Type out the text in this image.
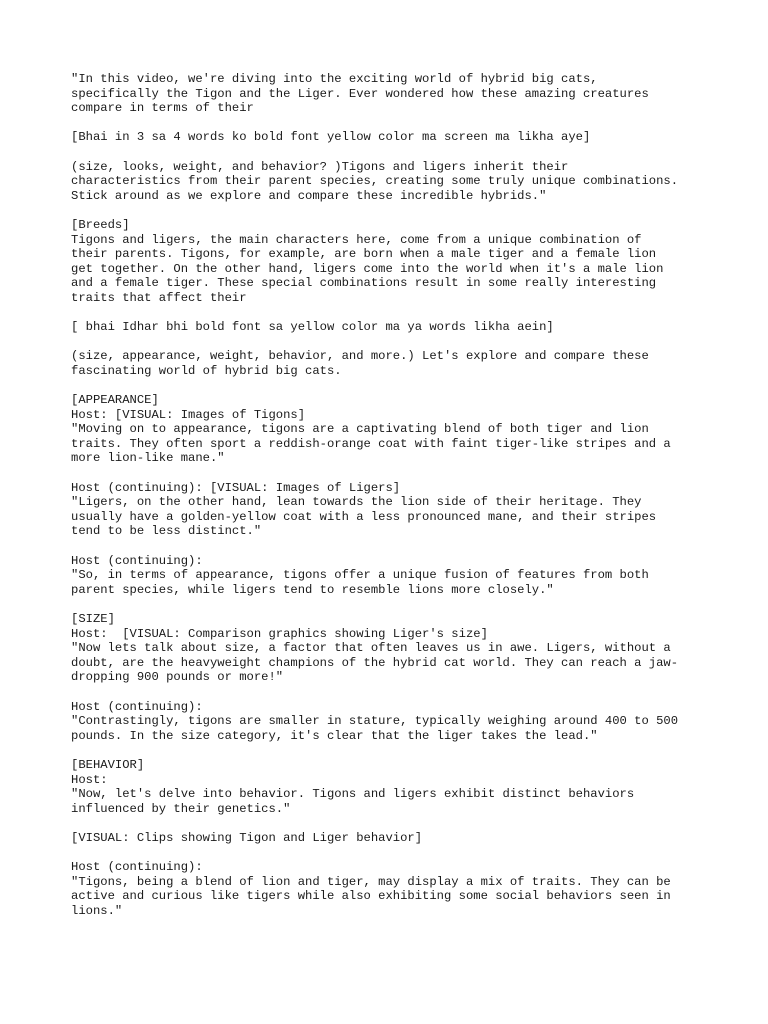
"In this video, we're diving into the exciting world of hybrid big cats,
specifically the Tigon and the Liger. Ever wondered how these amazing creatures
compare in terms of their
[Bhai in 3 sa 4 words ko bold font yellow color ma screen ma likha aye]
(size, looks, weight, and behavior? )Tigons and ligers inherit their
characteristics from their parent species, creating some truly unique combinations.
Stick around as we explore and compare these incredible hybrids."
[Breeds]
Tigons and ligers, the main characters here, come from a unique combination of
their parents. Tigons, for example, are born when a male tiger and a female lion
get together. On the other hand, ligers come into the world when it's a male lion
and a female tiger. These special combinations result in some really interesting
traits that affect their
[ bhai Idhar bhi bold font sa yellow color ma ya words likha aein]
(size, appearance, weight, behavior, and more.) Let's explore and compare these
fascinating world of hybrid big cats.
[APPEARANCE]
Host: [VISUAL: Images of Tigons]
"Moving on to appearance, tigons are a captivating blend of both tiger and lion
traits. They often sport a reddish-orange coat with faint tiger-like stripes and a
more lion-like mane."
Host (continuing): [VISUAL: Images of Ligers]
"Ligers, on the other hand, lean towards the lion side of their heritage. They
usually have a golden-yellow coat with a less pronounced mane, and their stripes
tend to be less distinct."
Host (continuing):
"So, in terms of appearance, tigons offer a unique fusion of features from both
parent species, while ligers tend to resemble lions more closely."
[SIZE]
Host:  [VISUAL: Comparison graphics showing Liger's size]
"Now lets talk about size, a factor that often leaves us in awe. Ligers, without a
doubt, are the heavyweight champions of the hybrid cat world. They can reach a jaw-
dropping 900 pounds or more!"
Host (continuing):
"Contrastingly, tigons are smaller in stature, typically weighing around 400 to 500
pounds. In the size category, it's clear that the liger takes the lead."
[BEHAVIOR]
Host:
"Now, let's delve into behavior. Tigons and ligers exhibit distinct behaviors
influenced by their genetics."
[VISUAL: Clips showing Tigon and Liger behavior]
Host (continuing):
"Tigons, being a blend of lion and tiger, may display a mix of traits. They can be
active and curious like tigers while also exhibiting some social behaviors seen in
lions."
